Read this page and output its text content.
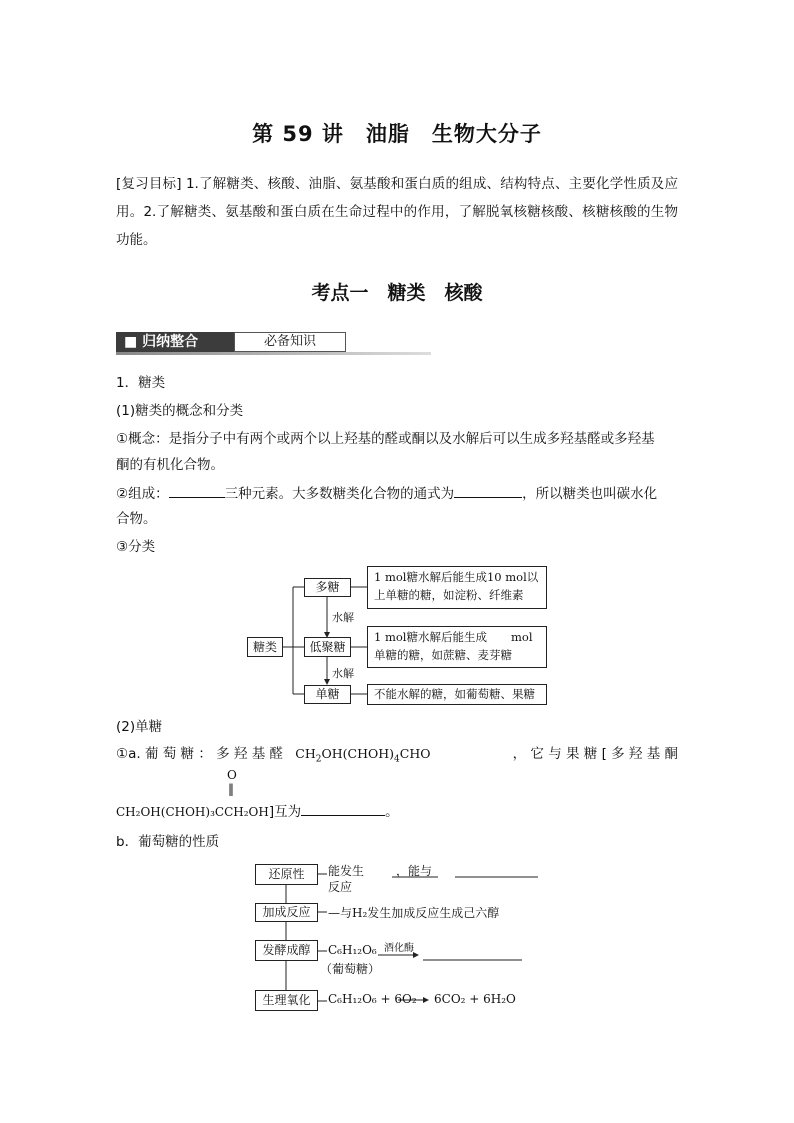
第 59 讲　油脂　生物大分子
[复习目标] 1.了解糖类、核酸、油脂、氨基酸和蛋白质的组成、结构特点、主要化学性质及应用。2.了解糖类、氨基酸和蛋白质在生命过程中的作用，了解脱氧核糖核酸、核糖核酸的生物功能。
考点一　糖类　核酸
■ 归纳整合	必备知识
1．糖类
(1)糖类的概念和分类
①概念：是指分子中有两个或两个以上羟基的醛或酮以及水解后可以生成多羟基醛或多羟基
酮的有机化合物。
②组成：	三种元素。大多数糖类化合物的通式为	，所以糖类也叫碳水化
合物。
③分类
糖类
多糖
低聚糖
单糖
水解
水解
1 mol糖水解后能生成10 mol以
上单糖的糖，如淀粉、纤维素
1 mol糖水解后能生成 mol
单糖的糖，如蔗糖、麦芽糖
不能水解的糖，如葡萄糖、果糖
(2)单糖
①a. 葡 萄 糖 ： 多 羟 基 醛 $CH_2OH(CHOH)_4CHO$	， 它 与 果 糖 [ 多 羟 基 酮
O
‖
CH₂OH(CHOH)₃CCH₂OH]互为	。
b．葡萄糖的性质
还原性
加成反应
发酵成醇
生理氧化
能发生	，能与
反应
—与H₂发生加成反应生成己六醇
C₆H₁₂O₆ 酒化酶
（葡萄糖）
C₆H₁₂O₆ + 6O₂ 6CO₂ + 6H₂O
